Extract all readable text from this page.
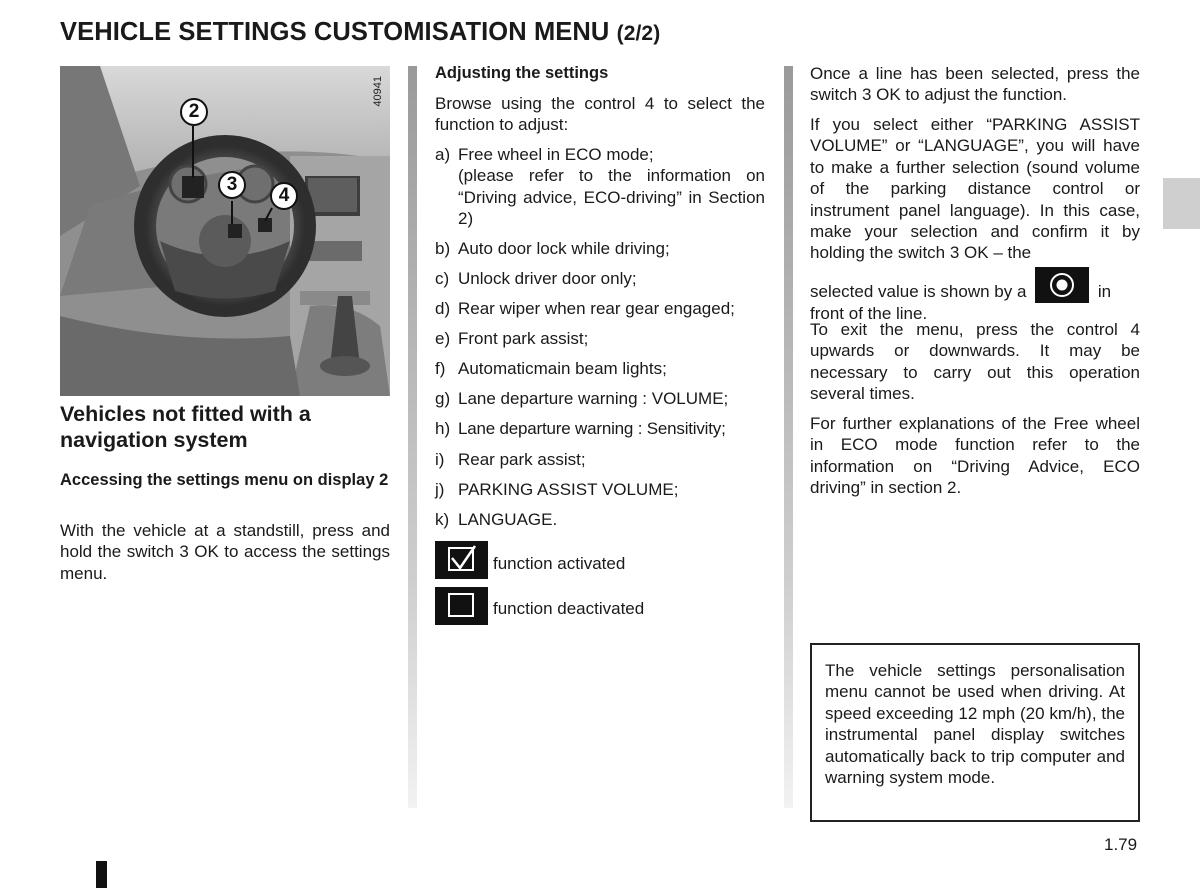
VEHICLE SETTINGS CUSTOMISATION MENU (2/2)
40941
2
3
4
Vehicles not fitted with a navigation system
Accessing the settings menu on display 2
With the vehicle at a standstill, press and hold the switch 3 OK to access the settings menu.
Adjusting the settings
Browse using the control 4 to select the function to adjust:
a) Free wheel in ECO mode;
(please refer to the information on “Driving advice, ECO-driving” in Section 2)
b) Auto door lock while driving;
c) Unlock driver door only;
d) Rear wiper when rear gear engaged;
e) Front park assist;
f) Automaticmain beam lights;
g) Lane departure warning : VOLUME;
h) Lane departure warning : Sensitivity;
i) Rear park assist;
j) PARKING ASSIST VOLUME;
k) LANGUAGE.
function activated
function deactivated
Once a line has been selected, press the switch 3 OK to adjust the function.
If you select either “PARKING ASSIST VOLUME” or “LANGUAGE”, you will have to make a further selection (sound volume of the parking distance control or instrument panel language). In this case, make your selection and confirm it by holding the switch 3 OK – the
selected value is shown by a	in front of the line.
To exit the menu, press the control 4 upwards or downwards. It may be necessary to carry out this operation several times.
For further explanations of the Free wheel in ECO mode function refer to the information on “Driving Advice, ECO driving” in section 2.
The vehicle settings personalisation menu cannot be used when driving. At speed exceeding 12 mph (20 km/h), the instrumental panel display switches automatically back to trip computer and warning system mode.
1.79
